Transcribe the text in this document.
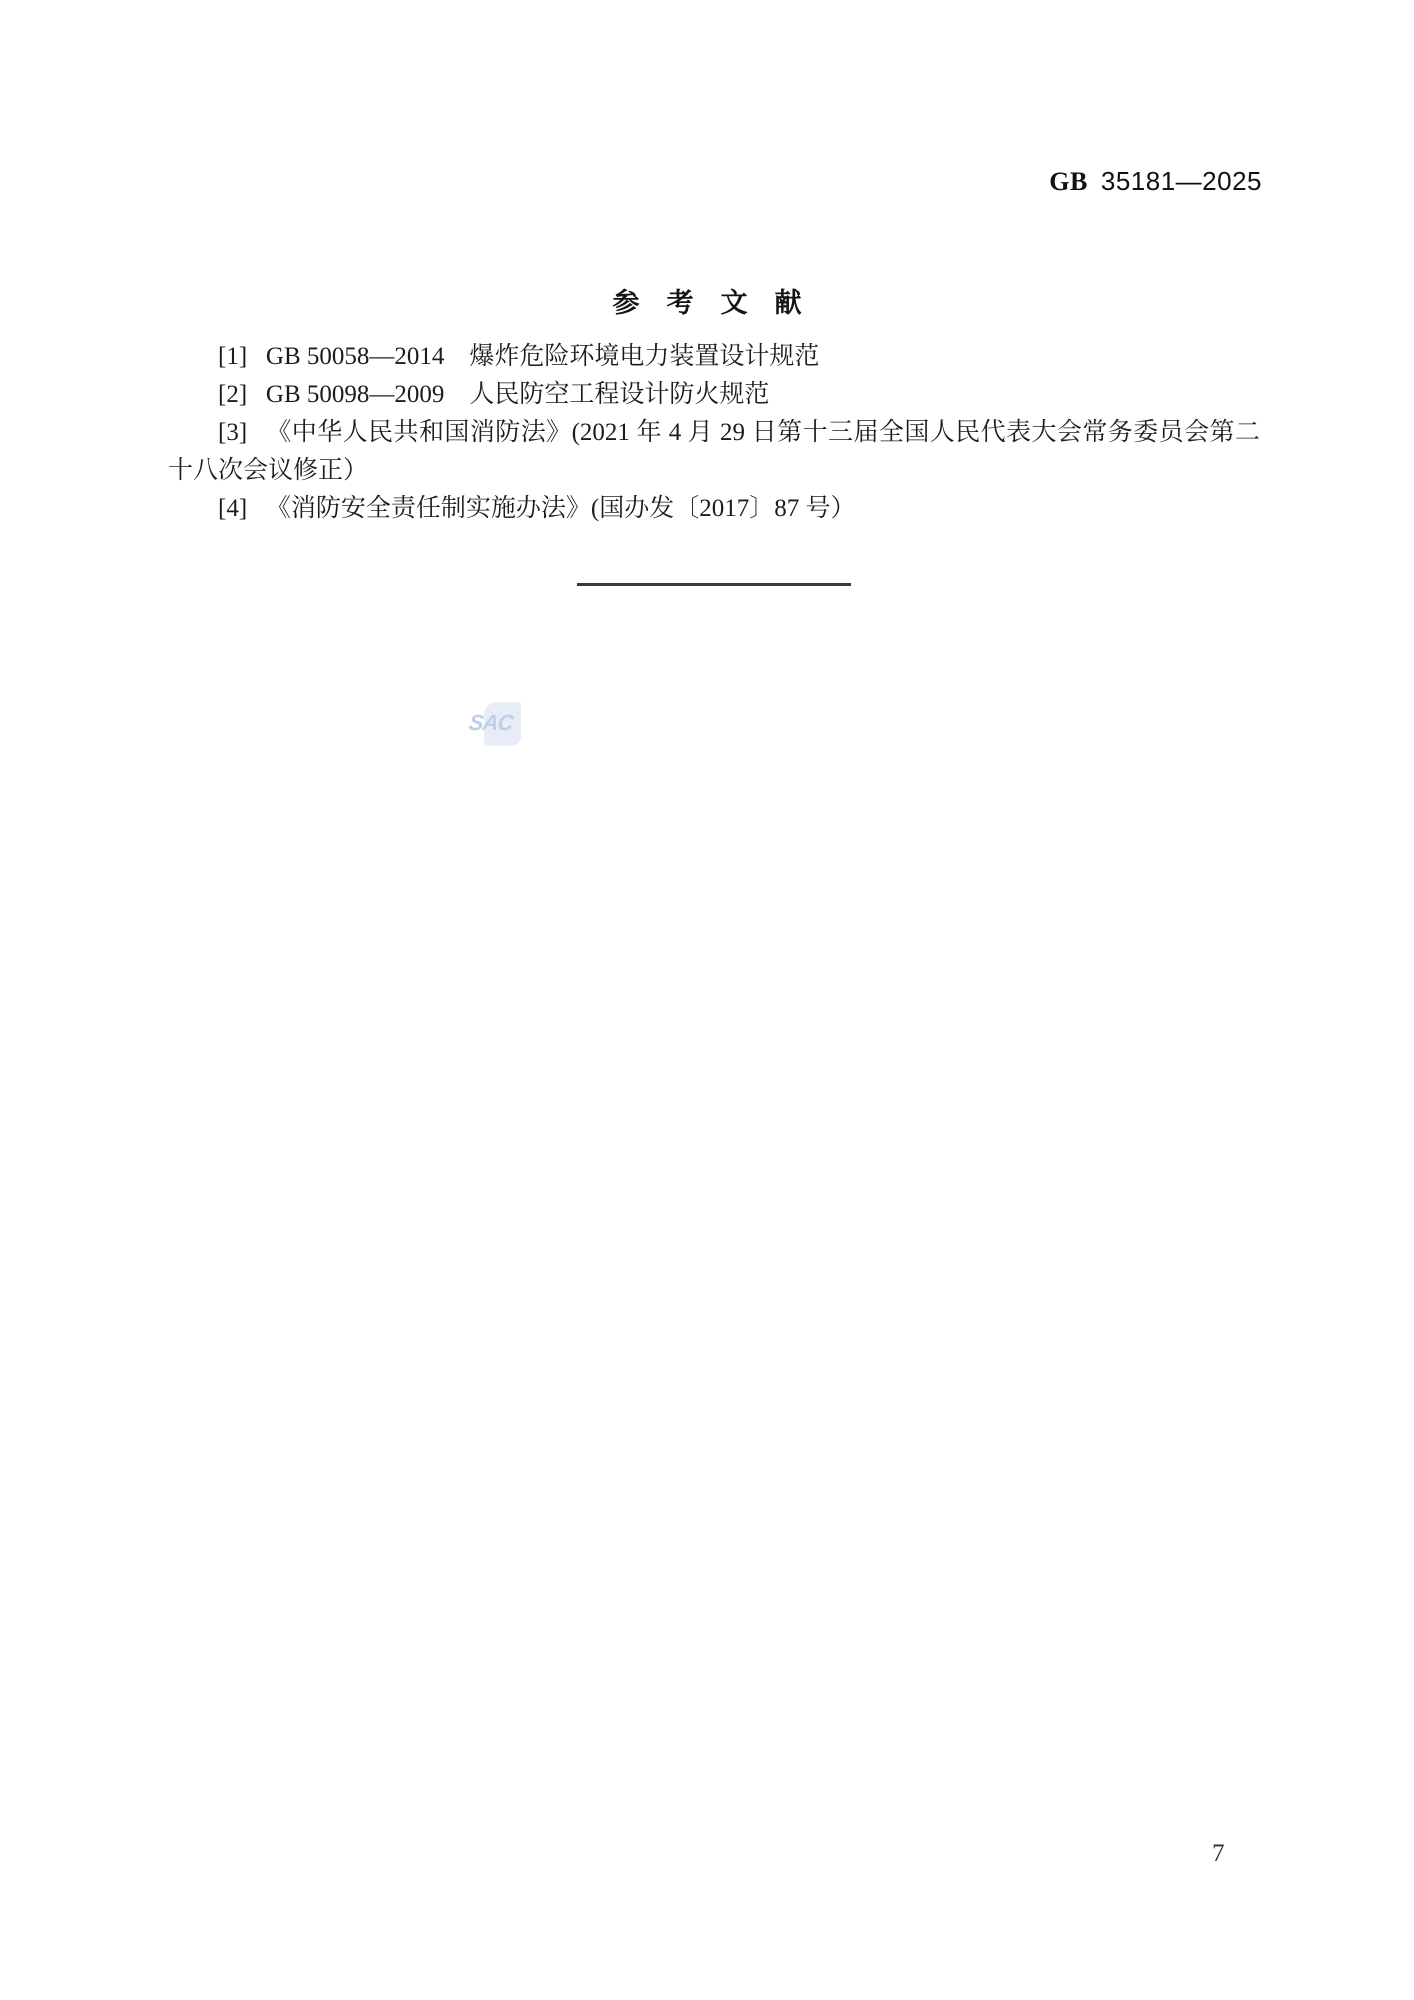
GB 35181—2025
参　考　文　献

[1] GB 50058—2014　爆炸危险环境电力装置设计规范

[2] GB 50098—2009　人民防空工程设计防火规范

[3] 《中华人民共和国消防法》(2021 年 4 月 29 日第十三届全国人民代表大会常务委员会第二十八次会议修正）

[4] 《消防安全责任制实施办法》(国办发〔2017〕87 号）

SAC
7
